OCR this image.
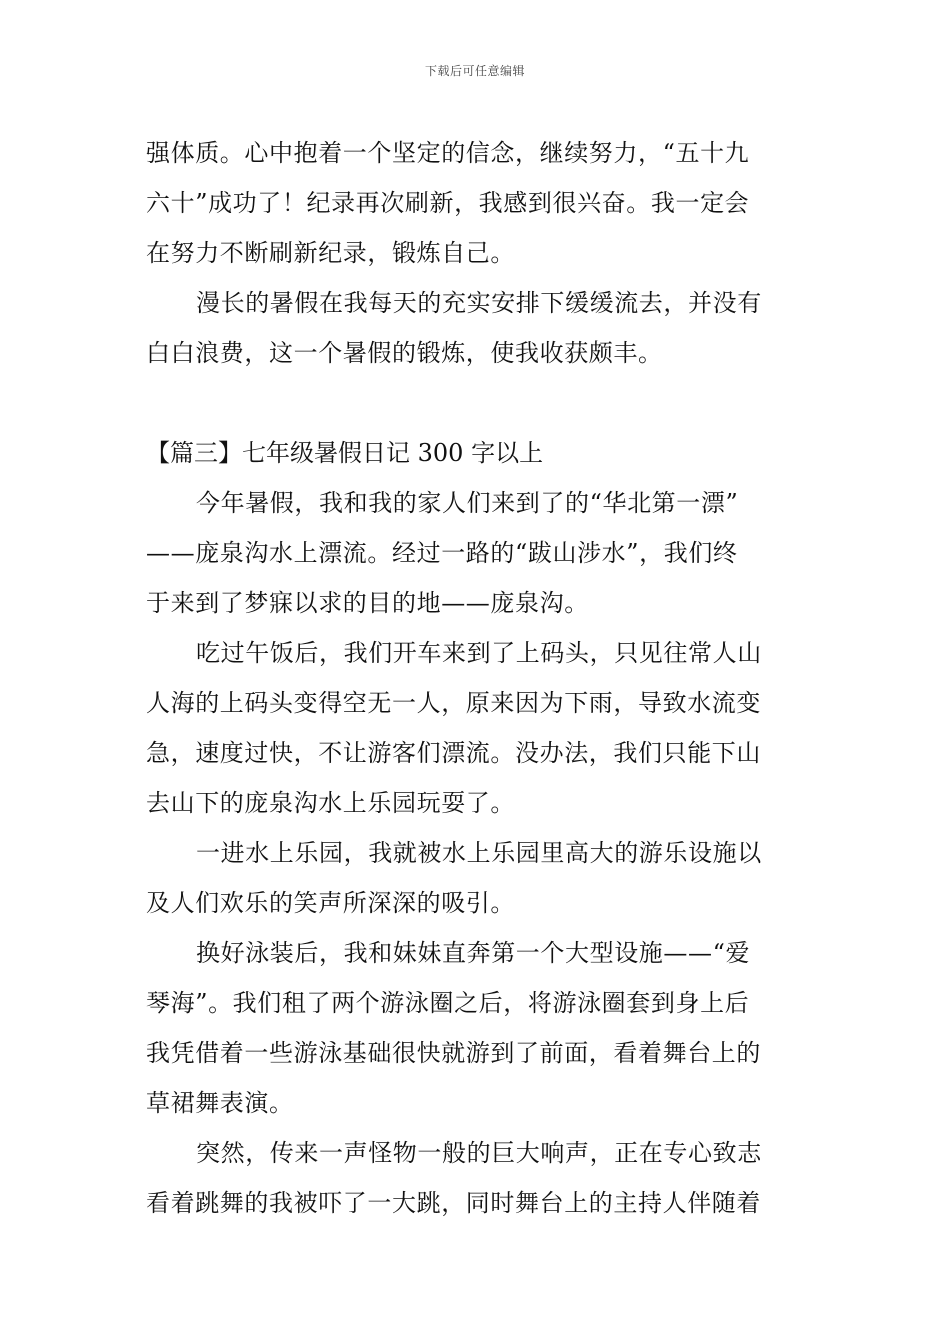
下载后可任意编辑
强体质。心中抱着一个坚定的信念，继续努力，“五十九
六十”成功了！纪录再次刷新，我感到很兴奋。我一定会
在努力不断刷新纪录，锻炼自己。
漫长的暑假在我每天的充实安排下缓缓流去，并没有
白白浪费，这一个暑假的锻炼，使我收获颇丰。
【篇三】七年级暑假日记 300 字以上
今年暑假，我和我的家人们来到了的“华北第一漂”
——庞泉沟水上漂流。经过一路的“跋山涉水”，我们终
于来到了梦寐以求的目的地——庞泉沟。
吃过午饭后，我们开车来到了上码头，只见往常人山
人海的上码头变得空无一人，原来因为下雨，导致水流变
急，速度过快，不让游客们漂流。没办法，我们只能下山
去山下的庞泉沟水上乐园玩耍了。
一进水上乐园，我就被水上乐园里高大的游乐设施以
及人们欢乐的笑声所深深的吸引。
换好泳装后，我和妹妹直奔第一个大型设施——“爱
琴海”。我们租了两个游泳圈之后，将游泳圈套到身上后
我凭借着一些游泳基础很快就游到了前面，看着舞台上的
草裙舞表演。
突然，传来一声怪物一般的巨大响声，正在专心致志
看着跳舞的我被吓了一大跳，同时舞台上的主持人伴随着
